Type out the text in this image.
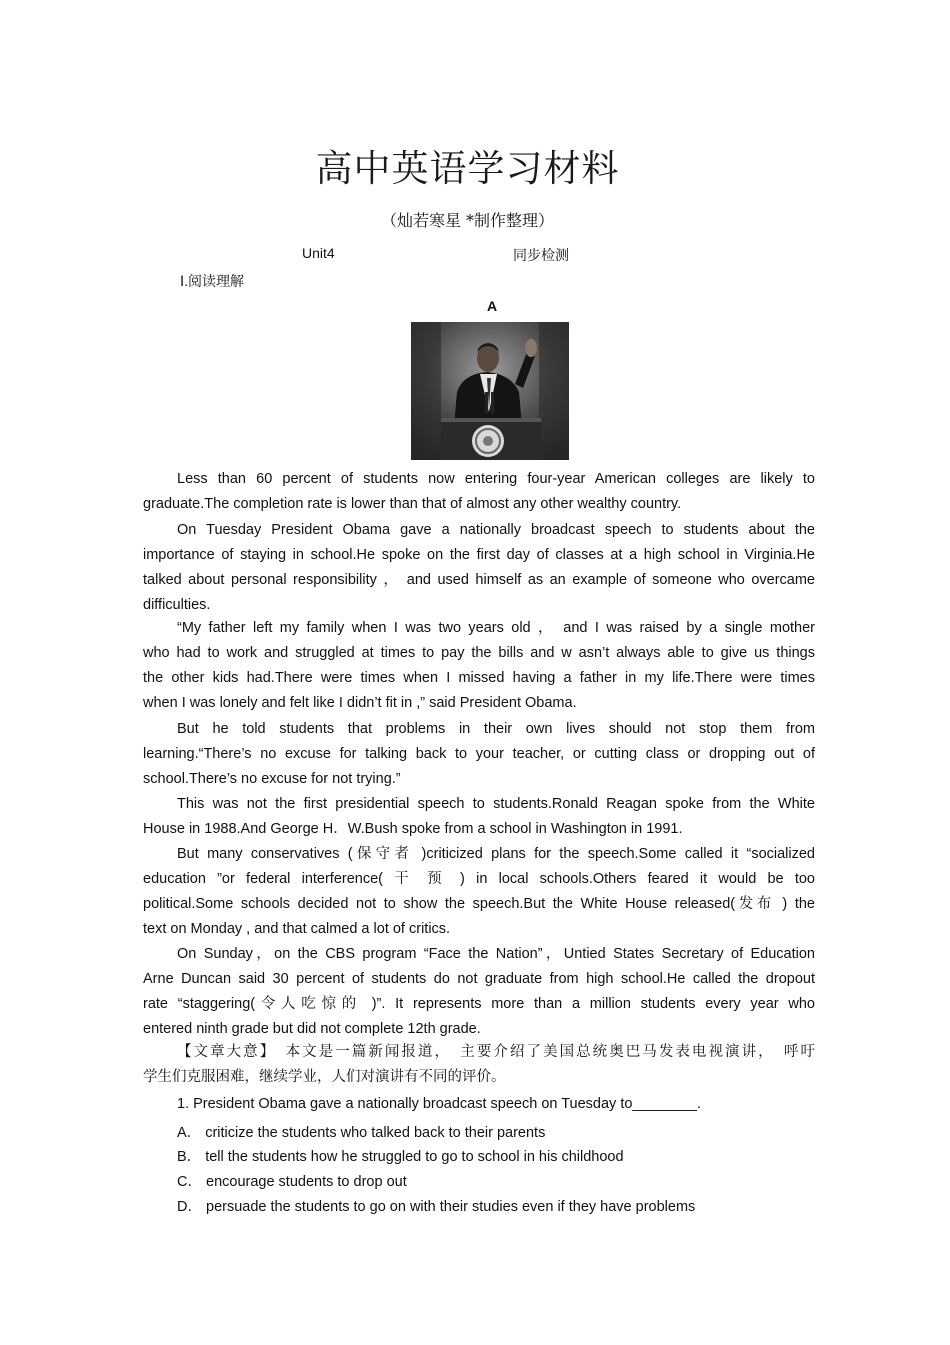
高中英语学习材料
（灿若寒星 *制作整理）
Unit4	同步检测
Ⅰ.阅读理解
A
Less than 60 percent of students now entering four-year American colleges are likely to
graduate.The completion rate is lower than that of almost any other wealthy country.
On Tuesday President Obama gave a nationally broadcast speech to students about the
importance of staying in school.He spoke on the first day of classes at a high school in Virginia.He
talked about personal responsibility ， and used himself as an example of someone who overcame
difficulties.
“My father left my family when I was two years old ， and I was raised by a single mother
who had to work and struggled at times to pay the bills and w asn’t always able to give us things
the other kids had.There were times when I missed having a father in my life.There were times
when I was lonely and felt like I didn’t fit in ,” said President Obama.
But he told students that problems in their own lives should not stop them from
learning.“There’s no excuse for talking back to your teacher, or cutting class or dropping out of
school.There’s no excuse for not trying.”
This was not the first presidential speech to students.Ronald Reagan spoke from the White
House in 1988.And George H．W.Bush spoke from a school in Washington in 1991.
But many conservatives (保守者 )criticized plans for the speech.Some called it “socialized
education ”or federal interference( 干 预 ) in local schools.Others feared it would be too
political.Some schools decided not to show the speech.But the White House released(发布 ) the
text on Monday , and that calmed a lot of critics.
On Sunday，on the CBS program “Face the Nation”，Untied States Secretary of Education
Arne Duncan said 30 percent of students do not graduate from high school.He called the dropout
rate “staggering(令人吃惊的 )”. It represents more than a million students every year who
entered ninth grade but did not complete 12th grade.
【文章大意】　本文是一篇新闻报道，　主要介绍了美国总统奥巴马发表电视演讲，　呼吁
学生们克服困难，继续学业，人们对演讲有不同的评价。
1. President Obama gave a nationally broadcast speech on Tuesday to________.
A． criticize the students who talked back to their parents
B． tell the students how he struggled to go to school in his childhood
C． encourage students to drop out
D． persuade the students to go on with their studies even if they have problems
